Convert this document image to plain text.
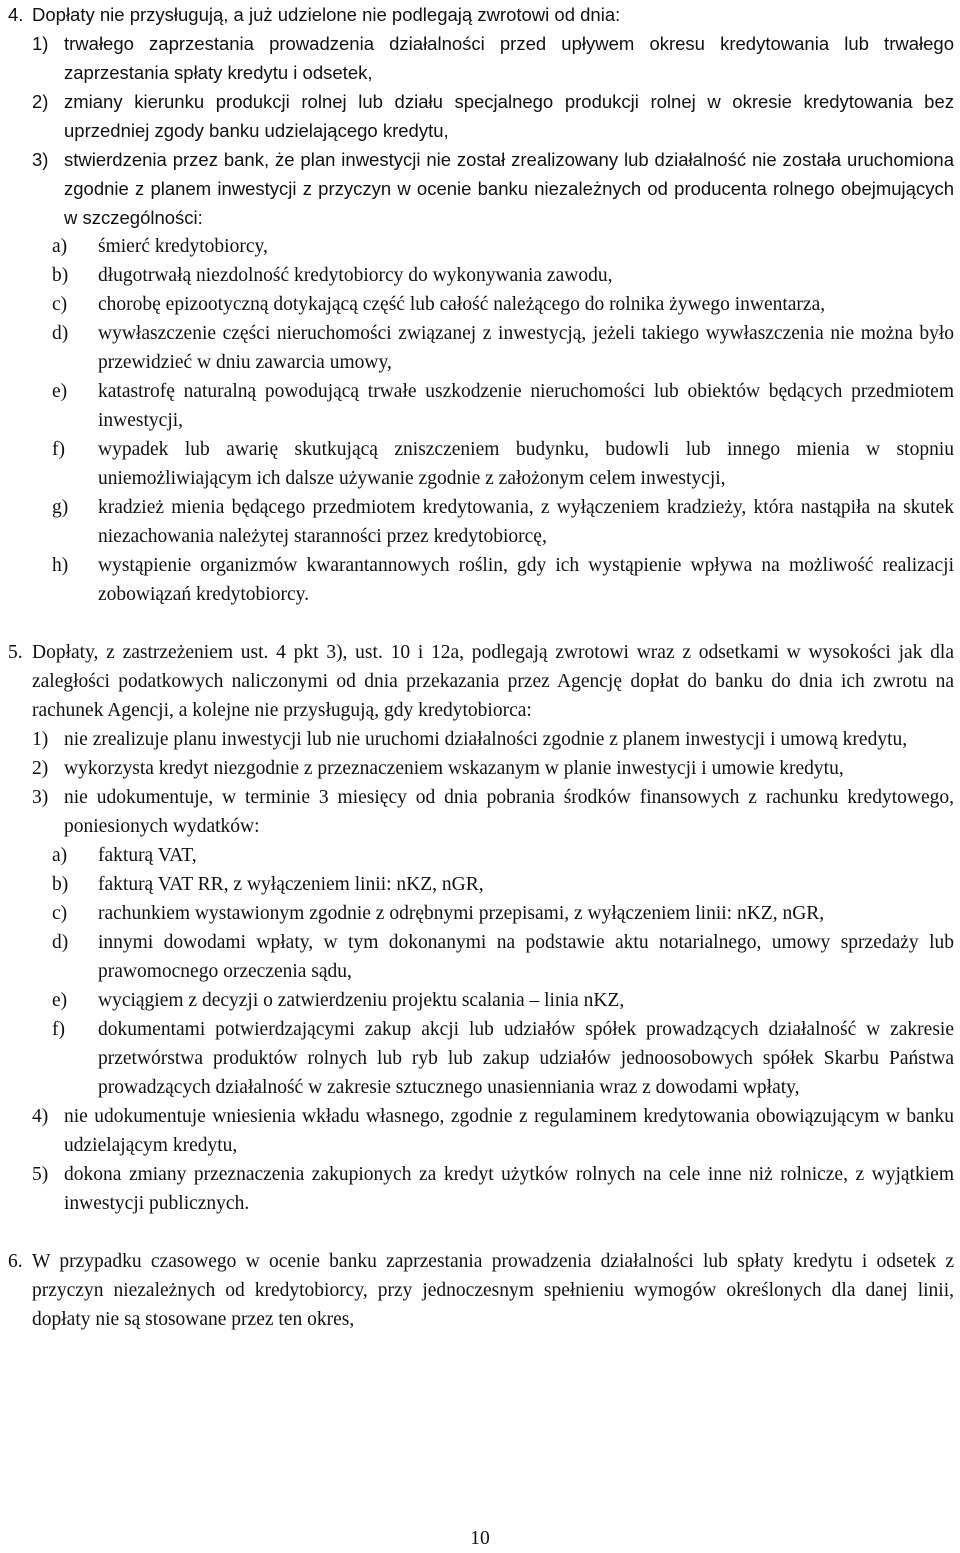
4. Dopłaty nie przysługują, a już udzielone nie podlegają zwrotowi od dnia:
1) trwałego zaprzestania prowadzenia działalności przed upływem okresu kredytowania lub trwałego zaprzestania spłaty kredytu i odsetek,
2) zmiany kierunku produkcji rolnej lub działu specjalnego produkcji rolnej w okresie kredytowania bez uprzedniej zgody banku udzielającego kredytu,
3) stwierdzenia przez bank, że plan inwestycji nie został zrealizowany lub działalność nie została uruchomiona zgodnie z planem inwestycji z przyczyn w ocenie banku niezależnych od producenta rolnego obejmujących w szczególności:
a) śmierć kredytobiorcy,
b) długotrwałą niezdolność kredytobiorcy do wykonywania zawodu,
c) chorobę epizootyczną dotykającą część lub całość należącego do rolnika żywego inwentarza,
d) wywłaszczenie części nieruchomości związanej z inwestycją, jeżeli takiego wywłaszczenia nie można było przewidzieć w dniu zawarcia umowy,
e) katastrofę naturalną powodującą trwałe uszkodzenie nieruchomości lub obiektów będących przedmiotem inwestycji,
f) wypadek lub awarię skutkującą zniszczeniem budynku, budowli lub innego mienia w stopniu uniemożliwiającym ich dalsze używanie zgodnie z założonym celem inwestycji,
g) kradzież mienia będącego przedmiotem kredytowania, z wyłączeniem kradzieży, która nastąpiła na skutek niezachowania należytej staranności przez kredytobiorcę,
h) wystąpienie organizmów kwarantannowych roślin, gdy ich wystąpienie wpływa na możliwość realizacji zobowiązań kredytobiorcy.
5. Dopłaty, z zastrzeżeniem ust. 4 pkt 3), ust. 10 i 12a, podlegają zwrotowi wraz z odsetkami w wysokości jak dla zaległości podatkowych naliczonymi od dnia przekazania przez Agencję dopłat do banku do dnia ich zwrotu na rachunek Agencji, a kolejne nie przysługują, gdy kredytobiorca:
1) nie zrealizuje planu inwestycji lub nie uruchomi działalności zgodnie z planem inwestycji i umową kredytu,
2) wykorzysta kredyt niezgodnie z przeznaczeniem wskazanym w planie inwestycji i umowie kredytu,
3) nie udokumentuje, w terminie 3 miesięcy od dnia pobrania środków finansowych z rachunku kredytowego, poniesionych wydatków:
a) fakturą VAT,
b) fakturą VAT RR, z wyłączeniem linii: nKZ, nGR,
c) rachunkiem wystawionym zgodnie z odrębnymi przepisami, z wyłączeniem linii: nKZ, nGR,
d) innymi dowodami wpłaty, w tym dokonanymi na podstawie aktu notarialnego, umowy sprzedaży lub prawomocnego orzeczenia sądu,
e) wyciągiem z decyzji o zatwierdzeniu projektu scalania – linia nKZ,
f) dokumentami potwierdzającymi zakup akcji lub udziałów spółek prowadzących działalność w zakresie przetwórstwa produktów rolnych lub ryb lub zakup udziałów jednoosobowych spółek Skarbu Państwa prowadzących działalność w zakresie sztucznego unasienniania wraz z dowodami wpłaty,
4) nie udokumentuje wniesienia wkładu własnego, zgodnie z regulaminem kredytowania obowiązującym w banku udzielającym kredytu,
5) dokona zmiany przeznaczenia zakupionych za kredyt użytków rolnych na cele inne niż rolnicze, z wyjątkiem inwestycji publicznych.
6. W przypadku czasowego w ocenie banku zaprzestania prowadzenia działalności lub spłaty kredytu i odsetek z przyczyn niezależnych od kredytobiorcy, przy jednoczesnym spełnieniu wymogów określonych dla danej linii, dopłaty nie są stosowane przez ten okres,
10
